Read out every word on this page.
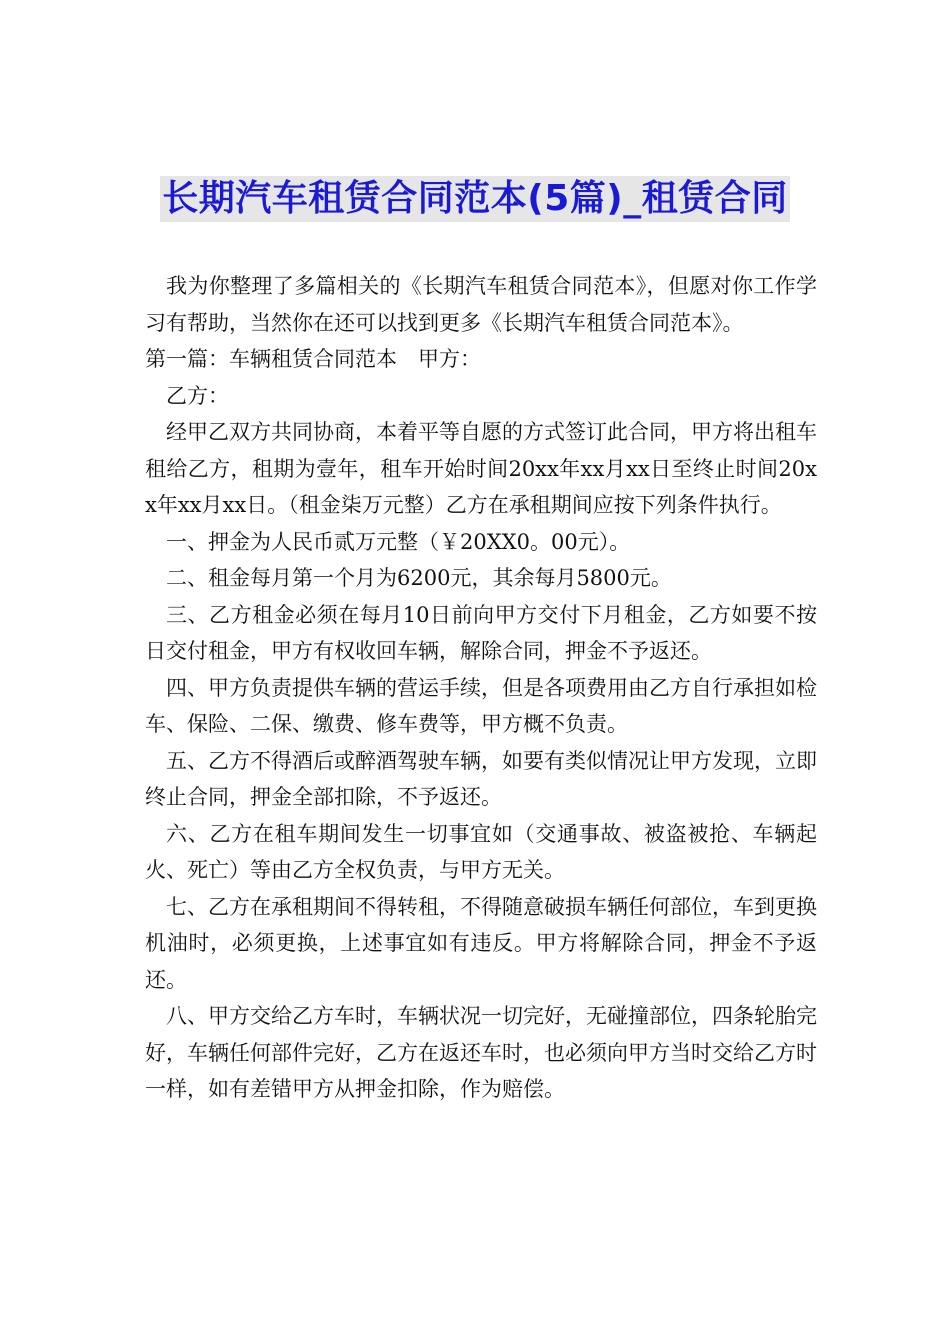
长期汽车租赁合同范本(5篇)_租赁合同

我为你整理了多篇相关的《长期汽车租赁合同范本》，但愿对你工作学习有帮助，当然你在还可以找到更多《长期汽车租赁合同范本》。

第一篇：车辆租赁合同范本　甲方：

乙方：

经甲乙双方共同协商，本着平等自愿的方式签订此合同，甲方将出租车租给乙方，租期为壹年，租车开始时间20xx年xx月xx日至终止时间20xx年xx月xx日。（租金柒万元整）乙方在承租期间应按下列条件执行。

一、押金为人民币贰万元整（￥20XX0。00元）。

二、租金每月第一个月为6200元，其余每月5800元。

三、乙方租金必须在每月10日前向甲方交付下月租金，乙方如要不按日交付租金，甲方有权收回车辆，解除合同，押金不予返还。

四、甲方负责提供车辆的营运手续，但是各项费用由乙方自行承担如检车、保险、二保、缴费、修车费等，甲方概不负责。

五、乙方不得酒后或醉酒驾驶车辆，如要有类似情况让甲方发现，立即终止合同，押金全部扣除，不予返还。

六、乙方在租车期间发生一切事宜如（交通事故、被盗被抢、车辆起火、死亡）等由乙方全权负责，与甲方无关。

七、乙方在承租期间不得转租，不得随意破损车辆任何部位，车到更换机油时，必须更换，上述事宜如有违反。甲方将解除合同，押金不予返还。

八、甲方交给乙方车时，车辆状况一切完好，无碰撞部位，四条轮胎完好，车辆任何部件完好，乙方在返还车时，也必须向甲方当时交给乙方时一样，如有差错甲方从押金扣除，作为赔偿。
